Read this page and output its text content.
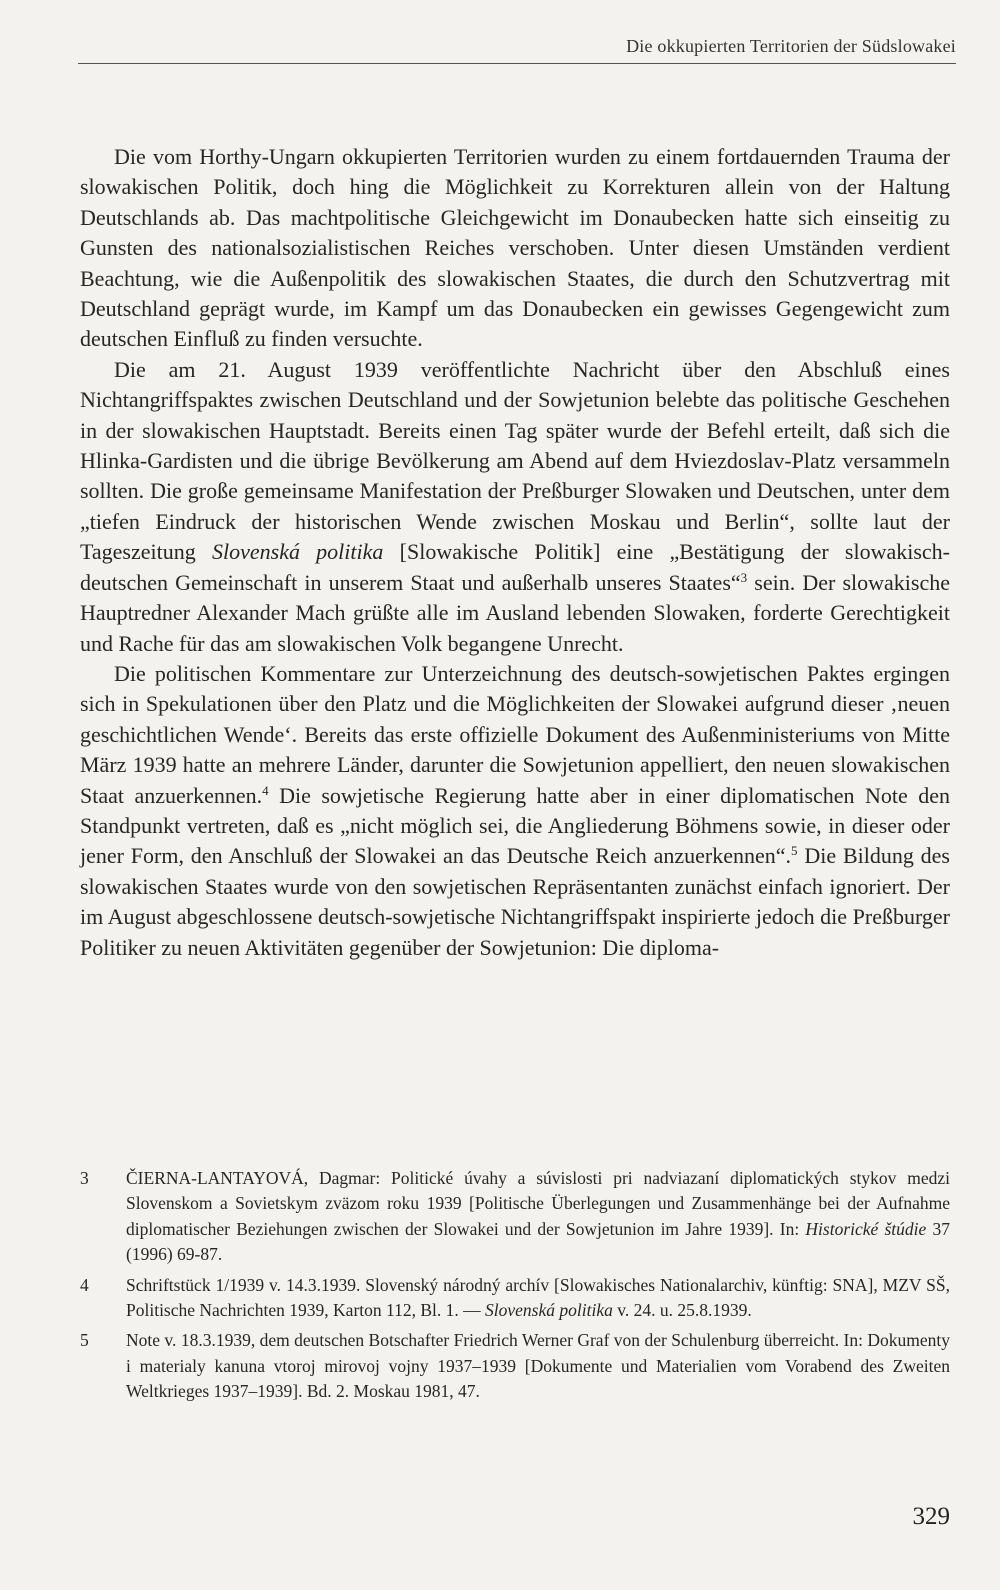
Die okkupierten Territorien der Südslowakei

Die vom Horthy-Ungarn okkupierten Territorien wurden zu einem fortdauernden Trauma der slowakischen Politik, doch hing die Möglichkeit zu Korrekturen allein von der Haltung Deutschlands ab. Das machtpolitische Gleichgewicht im Donaubecken hatte sich einseitig zu Gunsten des nationalsozialistischen Reiches verschoben. Unter diesen Umständen verdient Beachtung, wie die Außenpolitik des slowakischen Staates, die durch den Schutzvertrag mit Deutschland geprägt wurde, im Kampf um das Donaubecken ein gewisses Gegengewicht zum deutschen Einfluß zu finden versuchte.

Die am 21. August 1939 veröffentlichte Nachricht über den Abschluß eines Nichtangriffspaktes zwischen Deutschland und der Sowjetunion belebte das politische Geschehen in der slowakischen Hauptstadt. Bereits einen Tag später wurde der Befehl erteilt, daß sich die Hlinka-Gardisten und die übrige Bevölkerung am Abend auf dem Hviezdoslav-Platz versammeln sollten. Die große gemeinsame Manifestation der Preßburger Slowaken und Deutschen, unter dem „tiefen Eindruck der historischen Wende zwischen Moskau und Berlin“, sollte laut der Tageszeitung Slovenská politika [Slowakische Politik] eine „Bestätigung der slowakisch-deutschen Gemeinschaft in unserem Staat und außerhalb unseres Staates“$^3$ sein. Der slowakische Hauptredner Alexander Mach grüßte alle im Ausland lebenden Slowaken, forderte Gerechtigkeit und Rache für das am slowakischen Volk begangene Unrecht.

Die politischen Kommentare zur Unterzeichnung des deutsch-sowjetischen Paktes ergingen sich in Spekulationen über den Platz und die Möglichkeiten der Slowakei aufgrund dieser ‚neuen geschichtlichen Wende‘. Bereits das erste offizielle Dokument des Außenministeriums von Mitte März 1939 hatte an mehrere Länder, darunter die Sowjetunion appelliert, den neuen slowakischen Staat anzuerkennen.$^4$ Die sowjetische Regierung hatte aber in einer diplomatischen Note den Standpunkt vertreten, daß es „nicht möglich sei, die Angliederung Böhmens sowie, in dieser oder jener Form, den Anschluß der Slowakei an das Deutsche Reich anzuerkennen“.$^5$ Die Bildung des slowakischen Staates wurde von den sowjetischen Repräsentanten zunächst einfach ignoriert. Der im August abgeschlossene deutsch-sowjetische Nichtangriffspakt inspirierte jedoch die Preßburger Politiker zu neuen Aktivitäten gegenüber der Sowjetunion: Die diploma-

3	ČIERNA-LANTAYOVÁ, Dagmar: Politické úvahy a súvislosti pri nadviazaní diplomatických stykov medzi Slovenskom a Sovietskym zväzom roku 1939 [Politische Überlegungen und Zusammenhänge bei der Aufnahme diplomatischer Beziehungen zwischen der Slowakei und der Sowjetunion im Jahre 1939]. In: Historické štúdie 37 (1996) 69-87.
4	Schriftstück 1/1939 v. 14.3.1939. Slovenský národný archív [Slowakisches Nationalarchiv, künftig: SNA], MZV SŠ, Politische Nachrichten 1939, Karton 112, Bl. 1. — Slovenská politika v. 24. u. 25.8.1939.
5	Note v. 18.3.1939, dem deutschen Botschafter Friedrich Werner Graf von der Schulenburg überreicht. In: Dokumenty i materialy kanuna vtoroj mirovoj vojny 1937–1939 [Dokumente und Materialien vom Vorabend des Zweiten Weltkrieges 1937–1939]. Bd. 2. Moskau 1981, 47.
329
